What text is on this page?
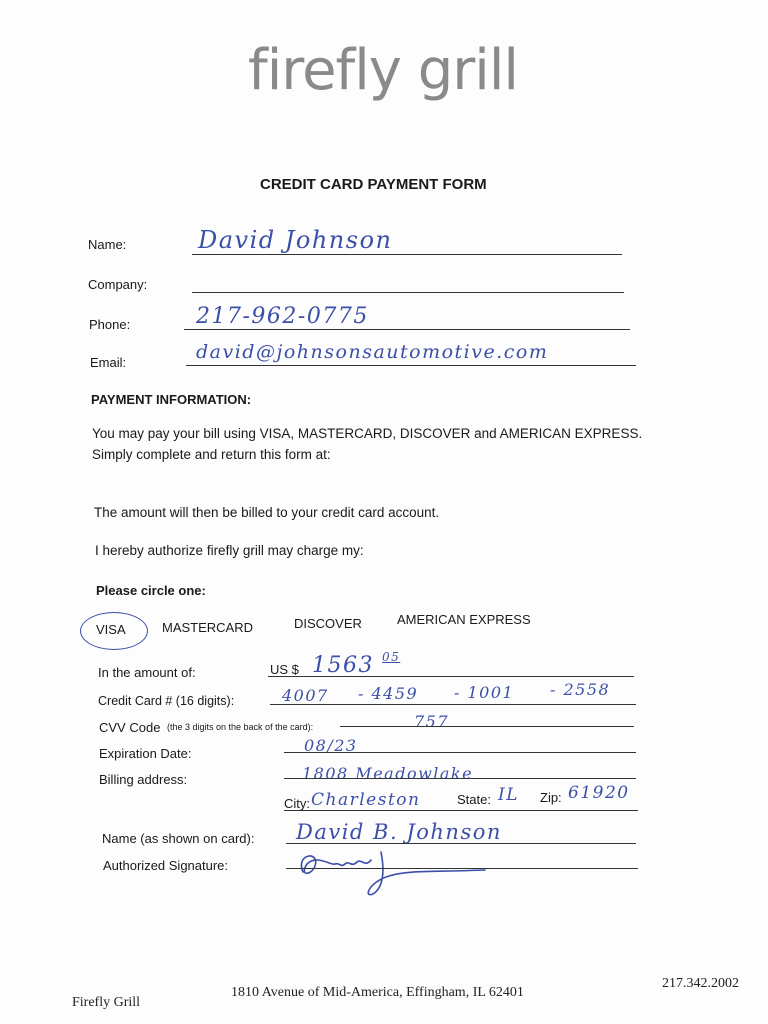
firefly grill
CREDIT CARD PAYMENT FORM
Name:	David Johnson
Company:
Phone:	217-962-0775
Email:	david@johnsonsautomotive.com
PAYMENT INFORMATION:
You may pay your bill using VISA, MASTERCARD, DISCOVER and AMERICAN EXPRESS.
Simply complete and return this form at:
The amount will then be billed to your credit card account.
I hereby authorize firefly grill may charge my:
Please circle one:
VISA	MASTERCARD	DISCOVER	AMERICAN EXPRESS
In the amount of:	US $ 1563 05
Credit Card # (16 digits):	4007 - 4459 - 1001 - 2558
CVV Code (the 3 digits on the back of the card):	757
Expiration Date:	08/23
Billing address:	1808 Meadowlake
City: Charleston	State: IL Zip: 61920
Name (as shown on card): David B. Johnson
Authorized Signature:
Firefly Grill
1810 Avenue of Mid-America, Effingham, IL 62401
217.342.2002
